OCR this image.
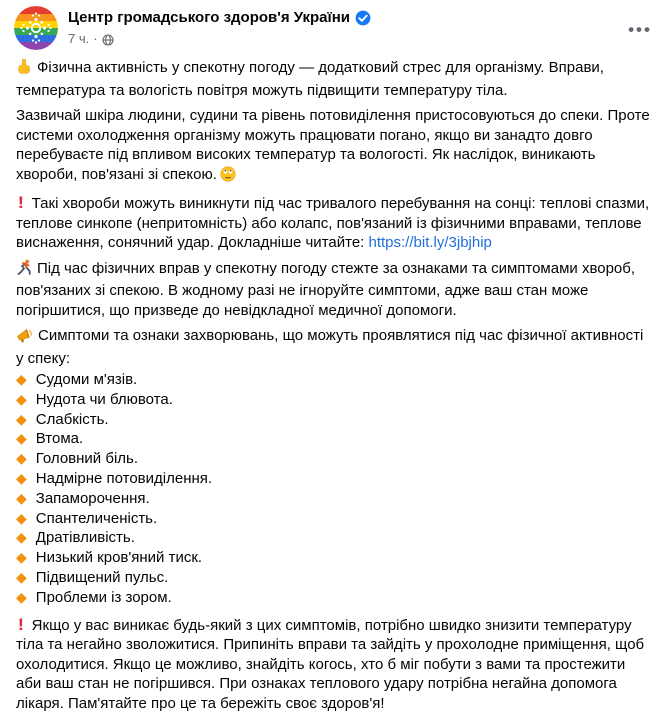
Центр громадського здоров'я України
7 ч. ·	•••

Фізична активність у спекотну погоду — додатковий стрес для організму. Вправи, температура та вологість повітря можуть підвищити температуру тіла.

Зазвичай шкіра людини, судини та рівень потовиділення пристосовуються до спеки. Проте системи охолодження організму можуть працювати погано, якщо ви занадто довго перебуваєте під впливом високих температур та вологості. Як наслідок, виникають хвороби, пов'язані зі спекою.

! Такі хвороби можуть виникнути під час тривалого перебування на сонці: теплові спазми, теплове синкопе (непритомність) або колапс, пов'язаний із фізичними вправами, теплове виснаження, сонячний удар. Докладніше читайте: https://bit.ly/3jbjhip

Під час фізичних вправ у спекотну погоду стежте за ознаками та симптомами хвороб, пов'язаних зі спекою. В жодному разі не ігноруйте симптоми, адже ваш стан може погіршитися, що призведе до невідкладної медичної допомоги.

Симптоми та ознаки захворювань, що можуть проявлятися під час фізичної активності у спеку:

◆ Судоми м'язів.
◆ Нудота чи блювота.
◆ Слабкість.
◆ Втома.
◆ Головний біль.
◆ Надмірне потовиділення.
◆ Запаморочення.
◆ Спантеличеність.
◆ Дратівливість.
◆ Низький кров'яний тиск.
◆ Підвищений пульс.
◆ Проблеми із зором.

! Якщо у вас виникає будь-який з цих симптомів, потрібно швидко знизити температуру тіла та негайно зволожитися. Припиніть вправи та зайдіть у прохолодне приміщення, щоб охолодитися. Якщо це можливо, знайдіть когось, хто б міг побути з вами та простежити аби ваш стан не погіршився. При ознаках теплового удару потрібна негайна допомога лікаря. Пам'ятайте про це та бережіть своє здоров'я!
